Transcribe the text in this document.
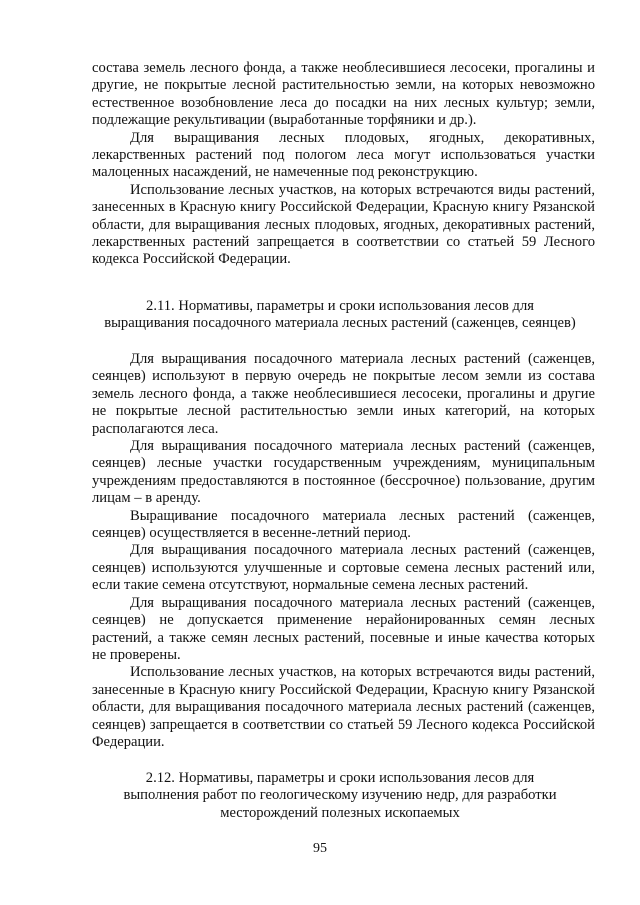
состава земель лесного фонда, а также необлесившиеся лесосеки, прогалины и другие, не покрытые лесной растительностью земли, на которых невозможно естественное возобновление леса до посадки на них лесных культур; земли, подлежащие рекультивации (выработанные торфяники и др.).

Для выращивания лесных плодовых, ягодных, декоративных, лекарственных растений под пологом леса могут использоваться участки малоценных насаждений, не намеченные под реконструкцию.

Использование лесных участков, на которых встречаются виды растений, занесенных в Красную книгу Российской Федерации, Красную книгу Рязанской области, для выращивания лесных плодовых, ягодных, декоративных растений, лекарственных растений запрещается в соответствии со статьей 59 Лесного кодекса Российской Федерации.

2.11. Нормативы, параметры и сроки использования лесов для
выращивания посадочного материала лесных растений (саженцев, сеянцев)

Для выращивания посадочного материала лесных растений (саженцев, сеянцев) используют в первую очередь не покрытые лесом земли из состава земель лесного фонда, а также необлесившиеся лесосеки, прогалины и другие не покрытые лесной растительностью земли иных категорий, на которых располагаются леса.

Для выращивания посадочного материала лесных растений (саженцев, сеянцев) лесные участки государственным учреждениям, муниципальным учреждениям предоставляются в постоянное (бессрочное) пользование, другим лицам – в аренду.

Выращивание посадочного материала лесных растений (саженцев, сеянцев) осуществляется в весенне-летний период.

Для выращивания посадочного материала лесных растений (саженцев, сеянцев) используются улучшенные и сортовые семена лесных растений или, если такие семена отсутствуют, нормальные семена лесных растений.

Для выращивания посадочного материала лесных растений (саженцев, сеянцев) не допускается применение нерайонированных семян лесных растений, а также семян лесных растений, посевные и иные качества которых не проверены.

Использование лесных участков, на которых встречаются виды растений, занесенные в Красную книгу Российской Федерации, Красную книгу Рязанской области, для выращивания посадочного материала лесных растений (саженцев, сеянцев) запрещается в соответствии со статьей 59 Лесного кодекса Российской Федерации.

2.12. Нормативы, параметры и сроки использования лесов для
выполнения работ по геологическому изучению недр, для разработки
месторождений полезных ископаемых
95
